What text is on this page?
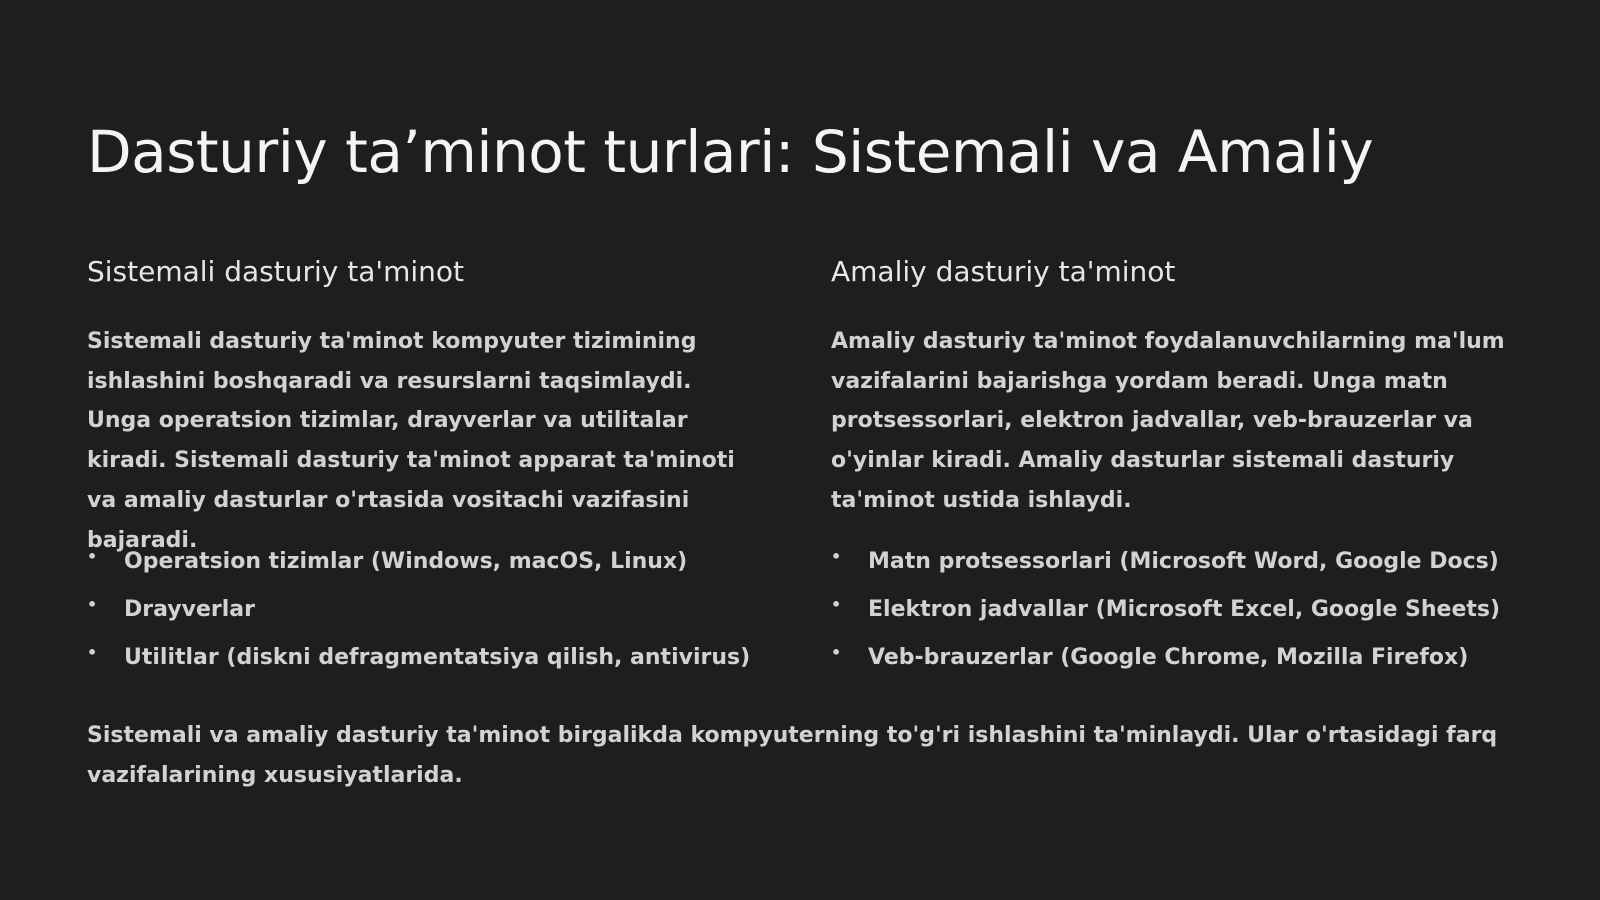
Dasturiy ta’minot turlari: Sistemali va Amaliy
Sistemali dasturiy ta'minot	Amaliy dasturiy ta'minot

Sistemali dasturiy ta'minot kompyuter tizimining ishlashini boshqaradi va resurslarni taqsimlaydi. Unga operatsion tizimlar, drayverlar va utilitalar kiradi. Sistemali dasturiy ta'minot apparat ta'minoti va amaliy dasturlar o'rtasida vositachi vazifasini bajaradi.

Amaliy dasturiy ta'minot foydalanuvchilarning ma'lum vazifalarini bajarishga yordam beradi. Unga matn protsessorlari, elektron jadvallar, veb-brauzerlar va o'yinlar kiradi. Amaliy dasturlar sistemali dasturiy ta'minot ustida ishlaydi.

• Operatsion tizimlar (Windows, macOS, Linux)
• Drayverlar
• Utilitlar (diskni defragmentatsiya qilish, antivirus)
• Matn protsessorlari (Microsoft Word, Google Docs)
• Elektron jadvallar (Microsoft Excel, Google Sheets)
• Veb-brauzerlar (Google Chrome, Mozilla Firefox)

Sistemali va amaliy dasturiy ta'minot birgalikda kompyuterning to'g'ri ishlashini ta'minlaydi. Ular o'rtasidagi farq vazifalarining xususiyatlarida.
